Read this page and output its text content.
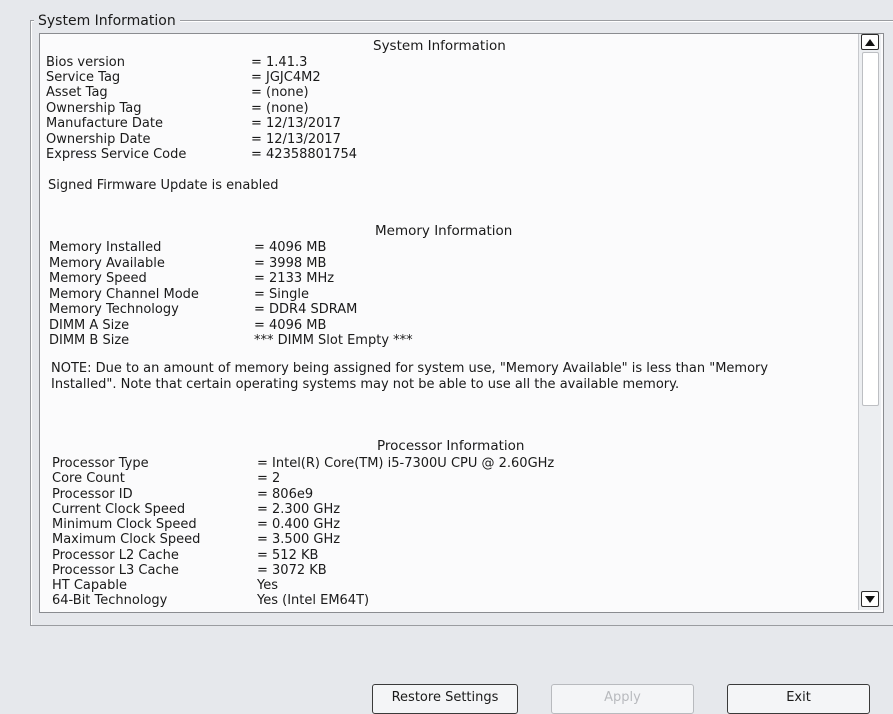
System Information
System Information
Bios version	= 1.41.3
Service Tag	= JGJC4M2
Asset Tag	= (none)
Ownership Tag	= (none)
Manufacture Date	= 12/13/2017
Ownership Date	= 12/13/2017
Express Service Code	= 42358801754
Signed Firmware Update is enabled
Memory Information
Memory Installed	= 4096 MB
Memory Available	= 3998 MB
Memory Speed	= 2133 MHz
Memory Channel Mode	= Single
Memory Technology	= DDR4 SDRAM
DIMM A Size	= 4096 MB
DIMM B Size	*** DIMM Slot Empty ***
NOTE: Due to an amount of memory being assigned for system use, "Memory Available" is less than "Memory Installed". Note that certain operating systems may not be able to use all the available memory.
Processor Information
Processor Type	= Intel(R) Core(TM) i5-7300U CPU @ 2.60GHz
Core Count	= 2
Processor ID	= 806e9
Current Clock Speed	= 2.300 GHz
Minimum Clock Speed	= 0.400 GHz
Maximum Clock Speed	= 3.500 GHz
Processor L2 Cache	= 512 KB
Processor L3 Cache	= 3072 KB
HT Capable	Yes
64-Bit Technology	Yes (Intel EM64T)
Restore Settings	Apply	Exit
